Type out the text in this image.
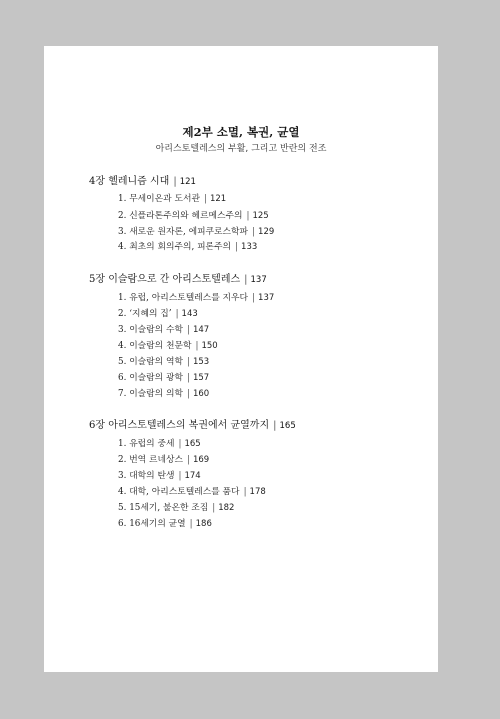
제2부 소멸, 복권, 균열
아리스토텔레스의 부활, 그리고 반란의 전조
4장 헬레니즘 시대 | 121
1. 무세이온과 도서관 | 121
2. 신플라톤주의와 헤르메스주의 | 125
3. 새로운 원자론, 에피쿠로스학파 | 129
4. 최초의 회의주의, 피론주의 | 133
5장 이슬람으로 간 아리스토텔레스 | 137
1. 유럽, 아리스토텔레스를 지우다 | 137
2. ‘지혜의 집’ | 143
3. 이슬람의 수학 | 147
4. 이슬람의 천문학 | 150
5. 이슬람의 역학 | 153
6. 이슬람의 광학 | 157
7. 이슬람의 의학 | 160
6장 아리스토텔레스의 복권에서 균열까지 | 165
1. 유럽의 중세 | 165
2. 번역 르네상스 | 169
3. 대학의 탄생 | 174
4. 대학, 아리스토텔레스를 품다 | 178
5. 15세기, 불온한 조짐 | 182
6. 16세기의 균열 | 186
